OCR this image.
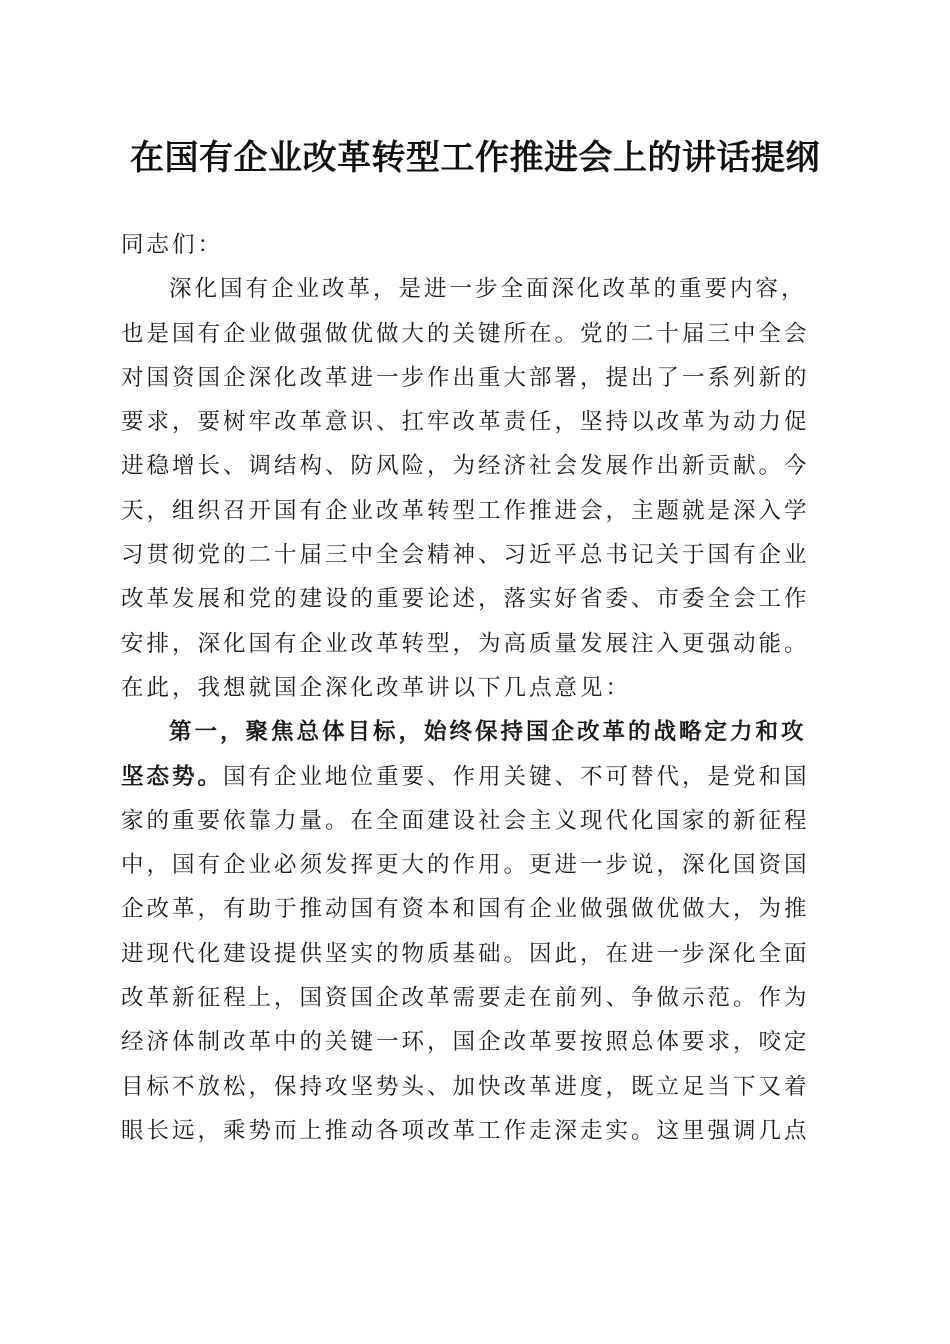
在国有企业改革转型工作推进会上的讲话提纲
同志们：
深化国有企业改革，是进一步全面深化改革的重要内容，
也是国有企业做强做优做大的关键所在。党的二十届三中全会
对国资国企深化改革进一步作出重大部署，提出了一系列新的
要求，要树牢改革意识、扛牢改革责任，坚持以改革为动力促
进稳增长、调结构、防风险，为经济社会发展作出新贡献。今
天，组织召开国有企业改革转型工作推进会，主题就是深入学
习贯彻党的二十届三中全会精神、习近平总书记关于国有企业
改革发展和党的建设的重要论述，落实好省委、市委全会工作
安排，深化国有企业改革转型，为高质量发展注入更强动能。
在此，我想就国企深化改革讲以下几点意见：
第一，聚焦总体目标，始终保持国企改革的战略定力和攻
坚态势。国有企业地位重要、作用关键、不可替代，是党和国
家的重要依靠力量。在全面建设社会主义现代化国家的新征程
中，国有企业必须发挥更大的作用。更进一步说，深化国资国
企改革，有助于推动国有资本和国有企业做强做优做大，为推
进现代化建设提供坚实的物质基础。因此，在进一步深化全面
改革新征程上，国资国企改革需要走在前列、争做示范。作为
经济体制改革中的关键一环，国企改革要按照总体要求，咬定
目标不放松，保持攻坚势头、加快改革进度，既立足当下又着
眼长远，乘势而上推动各项改革工作走深走实。这里强调几点
